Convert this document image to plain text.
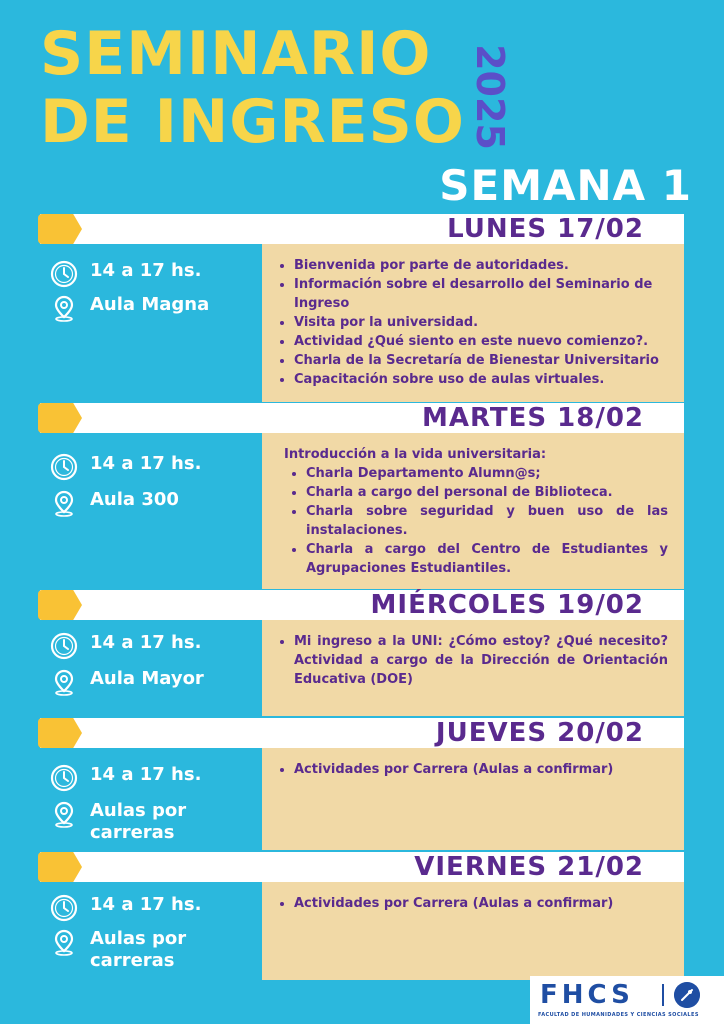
SEMINARIO
DE INGRESO 2025
SEMANA 1
LUNES 17/02
14 a 17 hs.
Aula Magna
• Bienvenida por parte de autoridades.
• Información sobre el desarrollo del Seminario de Ingreso
• Visita por la universidad.
• Actividad ¿Qué siento en este nuevo comienzo?.
• Charla de la Secretaría de Bienestar Universitario
• Capacitación sobre uso de aulas virtuales.
MARTES 18/02
14 a 17 hs.
Aula 300

Introducción a la vida universitaria:

• Charla Departamento Alumn@s;
• Charla a cargo del personal de Biblioteca.
• Charla sobre seguridad y buen uso de las instalaciones.
• Charla a cargo del Centro de Estudiantes y Agrupaciones Estudiantiles.
MIÉRCOLES 19/02
14 a 17 hs.
Aula Mayor
• Mi ingreso a la UNI: ¿Cómo estoy? ¿Qué necesito? Actividad a cargo de la Dirección de Orientación Educativa (DOE)
JUEVES 20/02
14 a 17 hs.
Aulas por carreras
• Actividades por Carrera (Aulas a confirmar)
VIERNES 21/02
14 a 17 hs.
Aulas por carreras
• Actividades por Carrera (Aulas a confirmar)
FHCS
FACULTAD DE HUMANIDADES Y CIENCIAS SOCIALES
